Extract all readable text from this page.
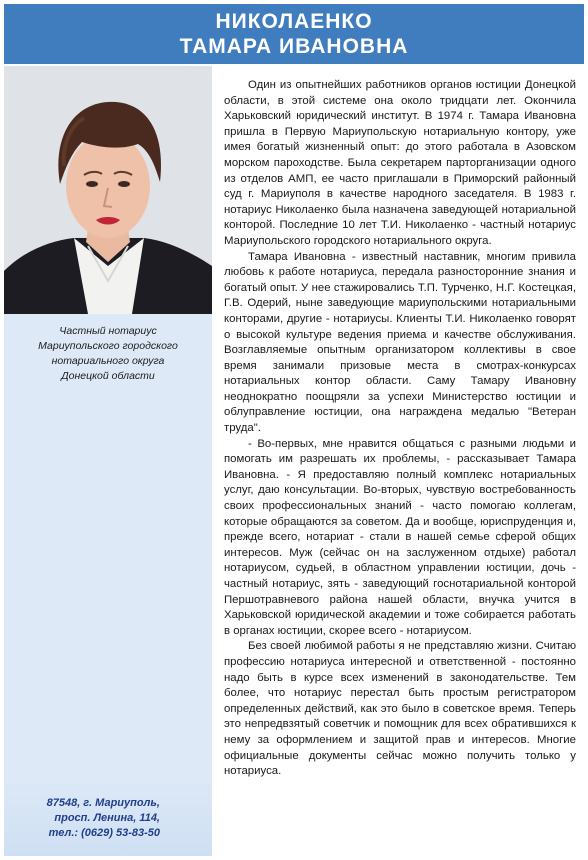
НИКОЛАЕНКО
ТАМАРА ИВАНОВНА
Частный нотариус
Мариупольского городского
нотариального округа
Донецкой области
87548, г. Мариуполь,
просп. Ленина, 114,
тел.: (0629) 53-83-50

Один из опытнейших работников органов юстиции Донецкой области, в этой системе она около тридцати лет. Окончила Харьковский юридический институт. В 1974 г. Тамара Ивановна пришла в Первую Мариупольскую нотариальную контору, уже имея богатый жизненный опыт: до этого работала в Азовском морском пароходстве. Была секретарем парторганизации одного из отделов АМП, ее часто приглашали в Приморский районный суд г. Мариуполя в качестве народного заседателя. В 1983 г. нотариус Николаенко была назначена заведующей нотариальной конторой. Последние 10 лет Т.И. Николаенко - частный нотариус Мариупольского городского нотариального округа.

Тамара Ивановна - известный наставник, многим привила любовь к работе нотариуса, передала разносторонние знания и богатый опыт. У нее стажировались Т.П. Турченко, Н.Г. Костецкая, Г.В. Одерий, ныне заведующие мариупольскими нотариальными конторами, другие - нотариусы. Клиенты Т.И. Николаенко говорят о высокой культуре ведения приема и качестве обслуживания. Возглавляемые опытным организатором коллективы в свое время занимали призовые места в смотрах-конкурсах нотариальных контор области. Саму Тамару Ивановну неоднократно поощряли за успехи Министерство юстиции и облуправление юстиции, она награждена медалью "Ветеран труда".

- Во-первых, мне нравится общаться с разными людьми и помогать им разрешать их проблемы, - рассказывает Тамара Ивановна. - Я предоставляю полный комплекс нотариальных услуг, даю консультации. Во-вторых, чувствую востребованность своих профессиональных знаний - часто помогаю коллегам, которые обращаются за советом. Да и вообще, юриспруденция и, прежде всего, нотариат - стали в нашей семье сферой общих интересов. Муж (сейчас он на заслуженном отдыхе) работал нотариусом, судьей, в областном управлении юстиции, дочь - частный нотариус, зять - заведующий госнотариальной конторой Першотравневого района нашей области, внучка учится в Харьковской юридической академии и тоже собирается работать в органах юстиции, скорее всего - нотариусом.

Без своей любимой работы я не представляю жизни. Считаю профессию нотариуса интересной и ответственной - постоянно надо быть в курсе всех изменений в законодательстве. Тем более, что нотариус перестал быть простым регистратором определенных действий, как это было в советское время. Теперь это непредвзятый советчик и помощник для всех обратившихся к нему за оформлением и защитой прав и интересов. Многие официальные документы сейчас можно получить только у нотариуса.
